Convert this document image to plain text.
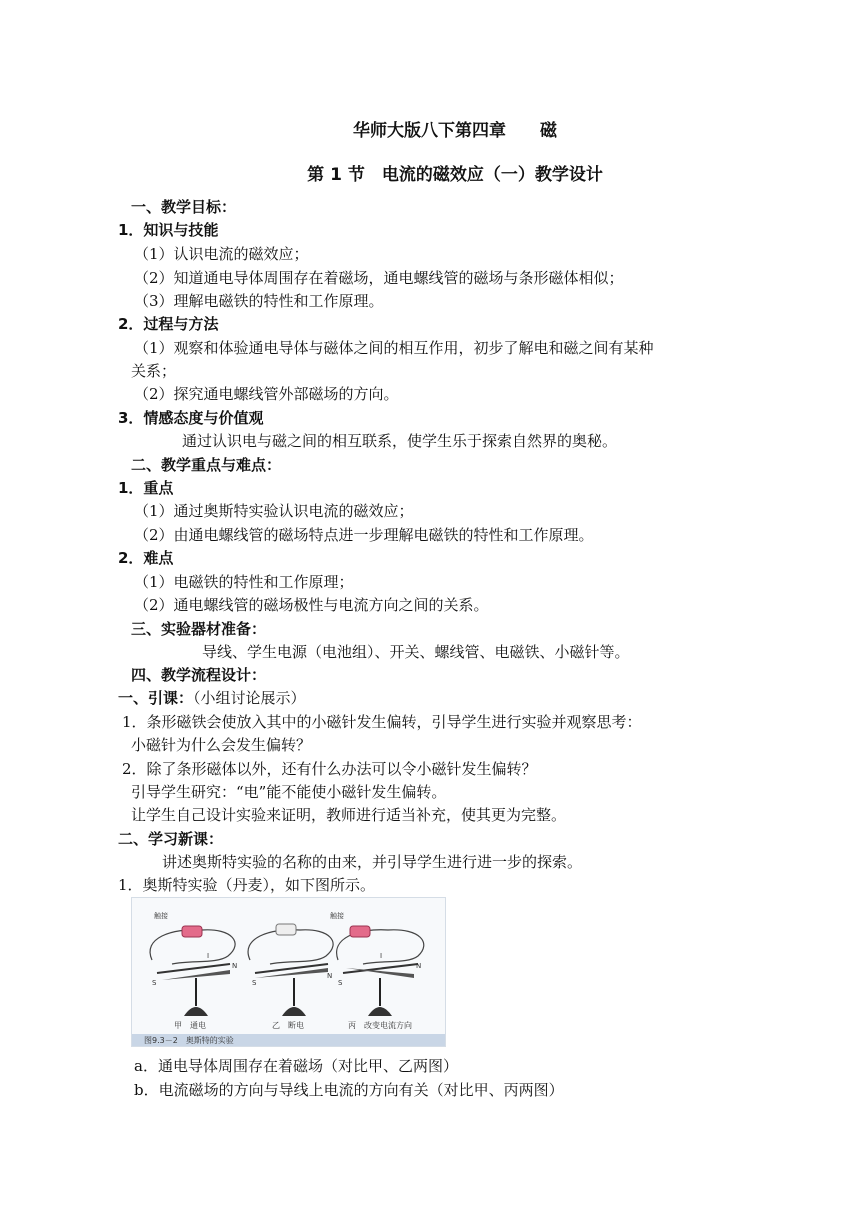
华师大版八下第四章　　磁
第 1 节　电流的磁效应（一）教学设计
一、教学目标：
1．知识与技能
（1）认识电流的磁效应；
（2）知道通电导体周围存在着磁场，通电螺线管的磁场与条形磁体相似；
（3）理解电磁铁的特性和工作原理。
2．过程与方法
（1）观察和体验通电导体与磁体之间的相互作用，初步了解电和磁之间有某种
关系；
（2）探究通电螺线管外部磁场的方向。
3．情感态度与价值观
通过认识电与磁之间的相互联系，使学生乐于探索自然界的奥秘。
二、教学重点与难点：
1．重点
（1）通过奥斯特实验认识电流的磁效应；
（2）由通电螺线管的磁场特点进一步理解电磁铁的特性和工作原理。
2．难点
（1）电磁铁的特性和工作原理；
（2）通电螺线管的磁场极性与电流方向之间的关系。
三、实验器材准备：
导线、学生电源（电池组）、开关、螺线管、电磁铁、小磁针等。
四、教学流程设计：
一、引课：（小组讨论展示）
1．条形磁铁会使放入其中的小磁针发生偏转，引导学生进行实验并观察思考：
小磁针为什么会发生偏转？
2．除了条形磁体以外，还有什么办法可以令小磁针发生偏转？
引导学生研究：“电”能不能使小磁针发生偏转。
让学生自己设计实验来证明，教师进行适当补充，使其更为完整。
二、学习新课：
讲述奥斯特实验的名称的由来，并引导学生进行进一步的探索。
1．奥斯特实验（丹麦），如下图所示。
触接
S
N
I
甲　通电
S
N
乙　断电
触接
S
N
I
丙　改变电流方向
图9.3－2　奥斯特的实验
a．通电导体周围存在着磁场（对比甲、乙两图）
b．电流磁场的方向与导线上电流的方向有关（对比甲、丙两图）
